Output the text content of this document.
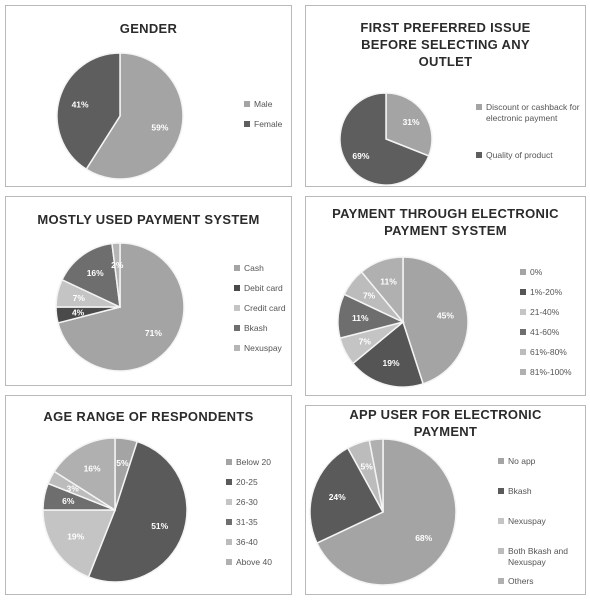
GENDER
59%
41%	Male
Female
FIRST PREFERRED ISSUE BEFORE SELECTING ANY OUTLET
31%
69%
Discount or cashback for electronic payment
Quality of product
MOSTLY USED PAYMENT SYSTEM
71%
4%
7%
16%
2%	Cash
Debit card
Credit card
Bkash
Nexuspay
PAYMENT THROUGH ELECTRONIC PAYMENT SYSTEM
45%
19%
7%
11%
7%
11%
0%
1%-20%
21-40%
41-60%
61%-80%
81%-100%
AGE RANGE OF RESPONDENTS
5%
51%
19%
6%
3%
16%
Below 20
20-25
26-30
31-35
36-40
Above 40
APP USER FOR ELECTRONIC PAYMENT
68%
24%
5%
No app
Bkash
Nexuspay
Both Bkash and Nexuspay
Others
